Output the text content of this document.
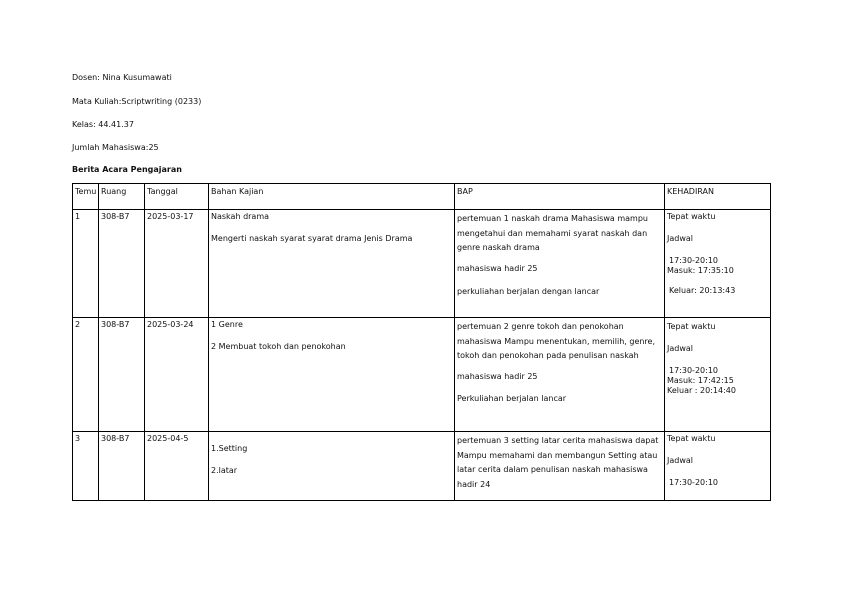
Dosen: Nina Kusumawati
Mata Kuliah:Scriptwriting (0233)
Kelas: 44.41.37
Jumlah Mahasiswa:25
Berita Acara Pengajaran
Temu	Ruang	Tanggal	Bahan Kajian	BAP	KEHADIRAN
1	308-B7	2025-03-17	Naskah drama
Mengerti naskah syarat syarat drama Jenis Drama	pertemuan 1 naskah drama Mahasiswa mampu mengetahui dan memahami syarat naskah dan genre naskah drama
mahasiswa hadir 25
perkuliahan berjalan dengan lancar	Tepat waktu
Jadwal
17:30-20:10
Masuk: 17:35:10
Keluar: 20:13:43

2	308-B7	2025-03-24	1 Genre
2 Membuat tokoh dan penokohan	pertemuan 2 genre tokoh dan penokohan mahasiswa Mampu menentukan, memilih, genre, tokoh dan penokohan pada penulisan naskah
mahasiswa hadir 25
Perkuliahan berjalan lancar	Tepat waktu
Jadwal
17:30-20:10
Masuk: 17:42:15
Keluar : 20:14:40

3	308-B7	2025-04-5	1.Setting
2.latar	pertemuan 3 setting latar cerita mahasiswa dapat Mampu memahami dan membangun Setting atau latar cerita dalam penulisan naskah mahasiswa hadir 24	Tepat waktu
Jadwal
17:30-20:10
